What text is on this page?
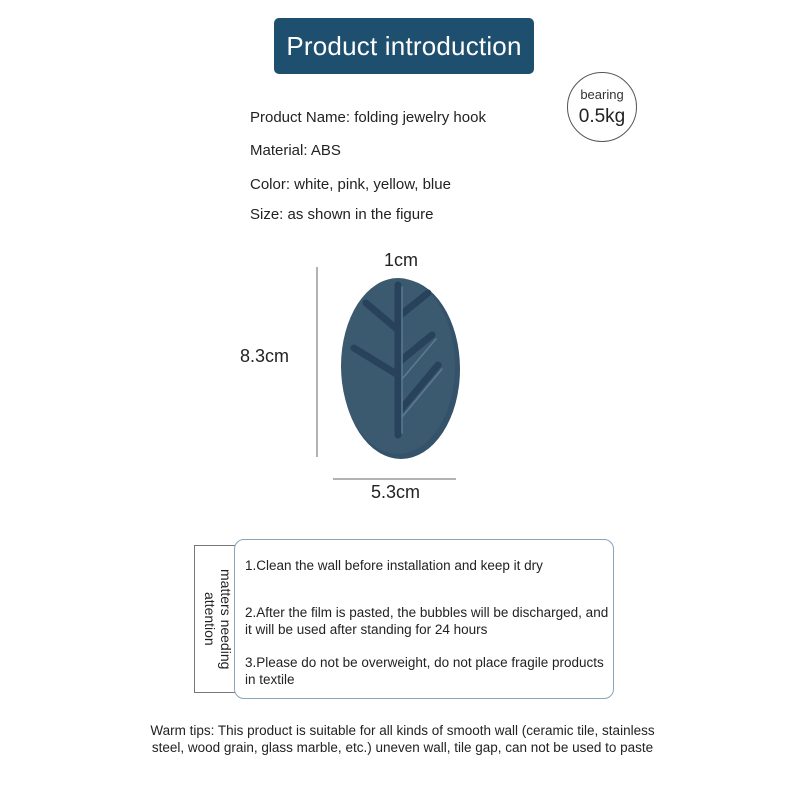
Product introduction
bearing
0.5kg
Product Name: folding jewelry hook
Material: ABS
Color: white, pink, yellow, blue
Size: as shown in the figure
1cm
8.3cm
5.3cm
matters needing attention
1.Clean the wall before installation and keep it dry
2.After the film is pasted, the bubbles will be discharged, and it will be used after standing for 24 hours
3.Please do not be overweight, do not place fragile products in textile
Warm tips: This product is suitable for all kinds of smooth wall (ceramic tile, stainless steel, wood grain, glass marble, etc.) uneven wall, tile gap, can not be used to paste
